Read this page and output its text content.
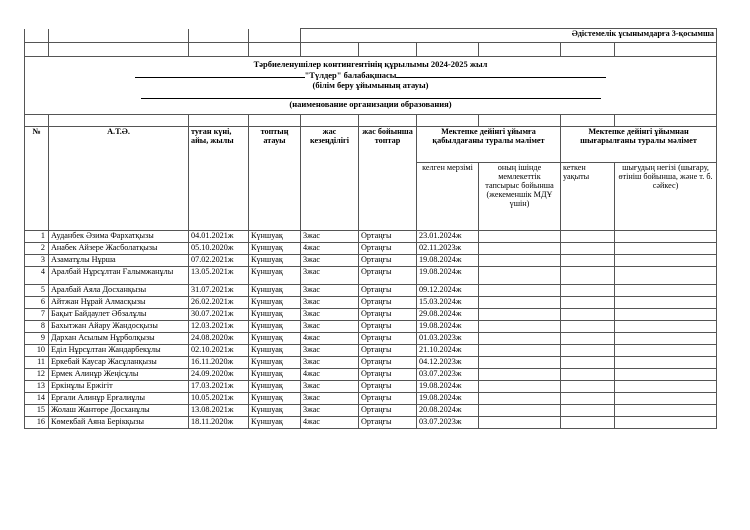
				Әдістемелік ұсынымдарға 3-қосымша					

Тәрбиеленушілер контингентінің құрылымы 2024-2025 жыл
"Түлдер" балабақшасы
(білім беру ұйымының атауы)
(наименование организации образования)									

№	А.Т.Ә.	туған күні, айы, жылы	топтың атауы	жас кезеңділігі	жас бойынша топтар	Мектепке дейінгі ұйымға қабылдағаны туралы мәлімет		Мектепке дейінгі ұйымнан шығарылғаны туралы мәлімет	
						келген мерзімі	оның ішінде мемлекеттік тапсырыс бойынша (жекеменшік МДҰ үшін)	кеткен уақыты	шығудың негізі (шығару, өтініш бойынша, және т. б. сәйкес)
1	Ауданбек Әзима Фархатқызы	04.01.2021ж	Күншуақ	3жас	Ортаңғы	23.01.2024ж			
2	Анабек Айзере Жасболатқызы	05.10.2020ж	Күншуақ	4жас	Ортаңғы	02.11.2023ж			
3	Азаматұлы Нұрша	07.02.2021ж	Күншуақ	3жас	Ортаңғы	19.08.2024ж			
4	Аралбай Нұрсұлтан Ғалымжанұлы	13.05.2021ж	Күншуақ	3жас	Ортаңғы	19.08.2024ж			
5	Аралбай Аяла Досханқызы	31.07.2021ж	Күншуақ	3жас	Ортаңғы	09.12.2024ж			
6	Айтжан Нұрай Алмасқызы	26.02.2021ж	Күншуақ	3жас	Ортаңғы	15.03.2024ж			
7	Бақыт Байдаулет Әбзалұлы	30.07.2021ж	Күншуақ	3жас	Ортаңғы	29.08.2024ж			
8	Бахытжан Айару Жандосқызы	12.03.2021ж	Күншуақ	3жас	Ортаңғы	19.08.2024ж			
9	Дархан Асылым Нұрболқызы	24.08.2020ж	Күншуақ	4жас	Ортаңғы	01.03.2023ж			
10	Еділ Нұрсұлтан Жандарбекұлы	02.10.2021ж	Күншуақ	3жас	Ортаңғы	21.10.2024ж			
11	Еркебай Каусар Жасұланқызы	16.11.2020ж	Күншуақ	3жас	Ортаңғы	04.12.2023ж			
12	Ермек Алинұр Жеңісұлы	24.09.2020ж	Күншуақ	4жас	Ортаңғы	03.07.2023ж			
13	Еркінұлы Ержігіт	17.03.2021ж	Күншуақ	3жас	Ортаңғы	19.08.2024ж			
14	Ерғали Алинұр Ерғалиұлы	10.05.2021ж	Күншуақ	3жас	Ортаңғы	19.08.2024ж			
15	Жолаш Жантөре Досханұлы	13.08.2021ж	Күншуақ	3жас	Ортаңғы	20.08.2024ж			
16	Көмекбай Аяна Берікқызы	18.11.2020ж	Күншуақ	4жас	Ортаңғы	03.07.2023ж			
